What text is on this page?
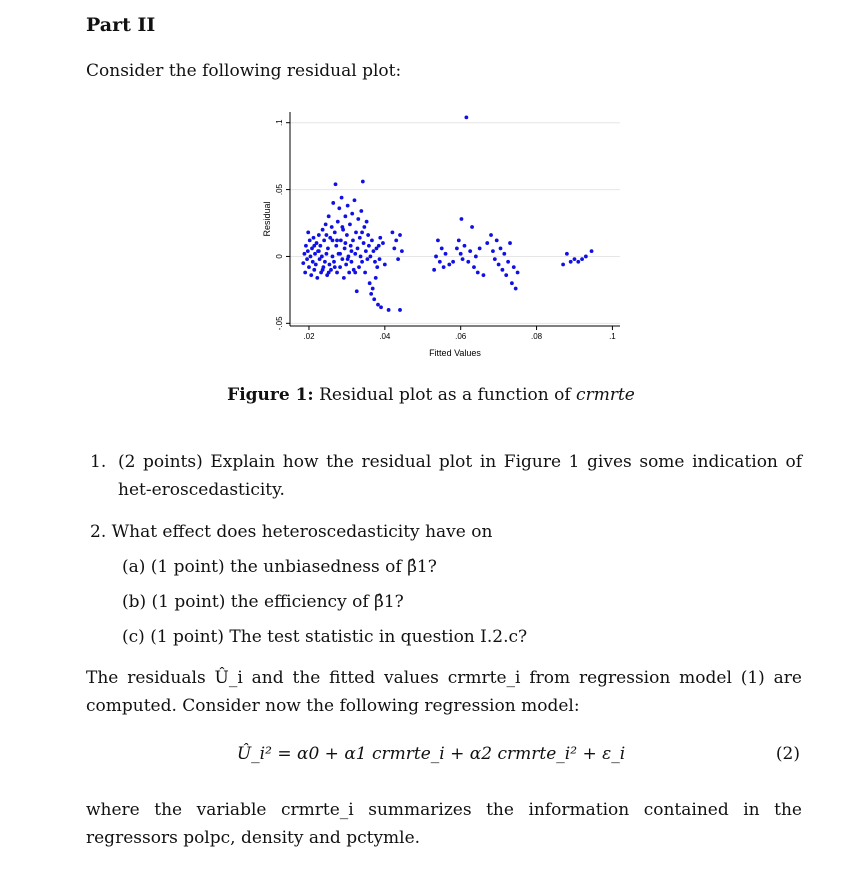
Part II
Consider the following residual plot:
.02	.04	.06	.08	.1
-.05
0
.05
.1
Fitted Values
Residual
Figure 1: Residual plot as a function of crmrte
1. (2 points) Explain how the residual plot in Figure 1 gives some indication of het-eroscedasticity.
2. What effect does heteroscedasticity have on
(a) (1 point) the unbiasedness of β̂1?
(b) (1 point) the efficiency of β̂1?
(c) (1 point) The test statistic in question I.2.c?
The residuals Û_i and the fitted values crmrte_i from regression model (1) are computed. Consider now the following regression model:
Û_i² = α0 + α1 crmrte_i + α2 crmrte_i² + ε_i	(2)
where the variable crmrte_i summarizes the information contained in the regressors polpc, density and pctymle.
